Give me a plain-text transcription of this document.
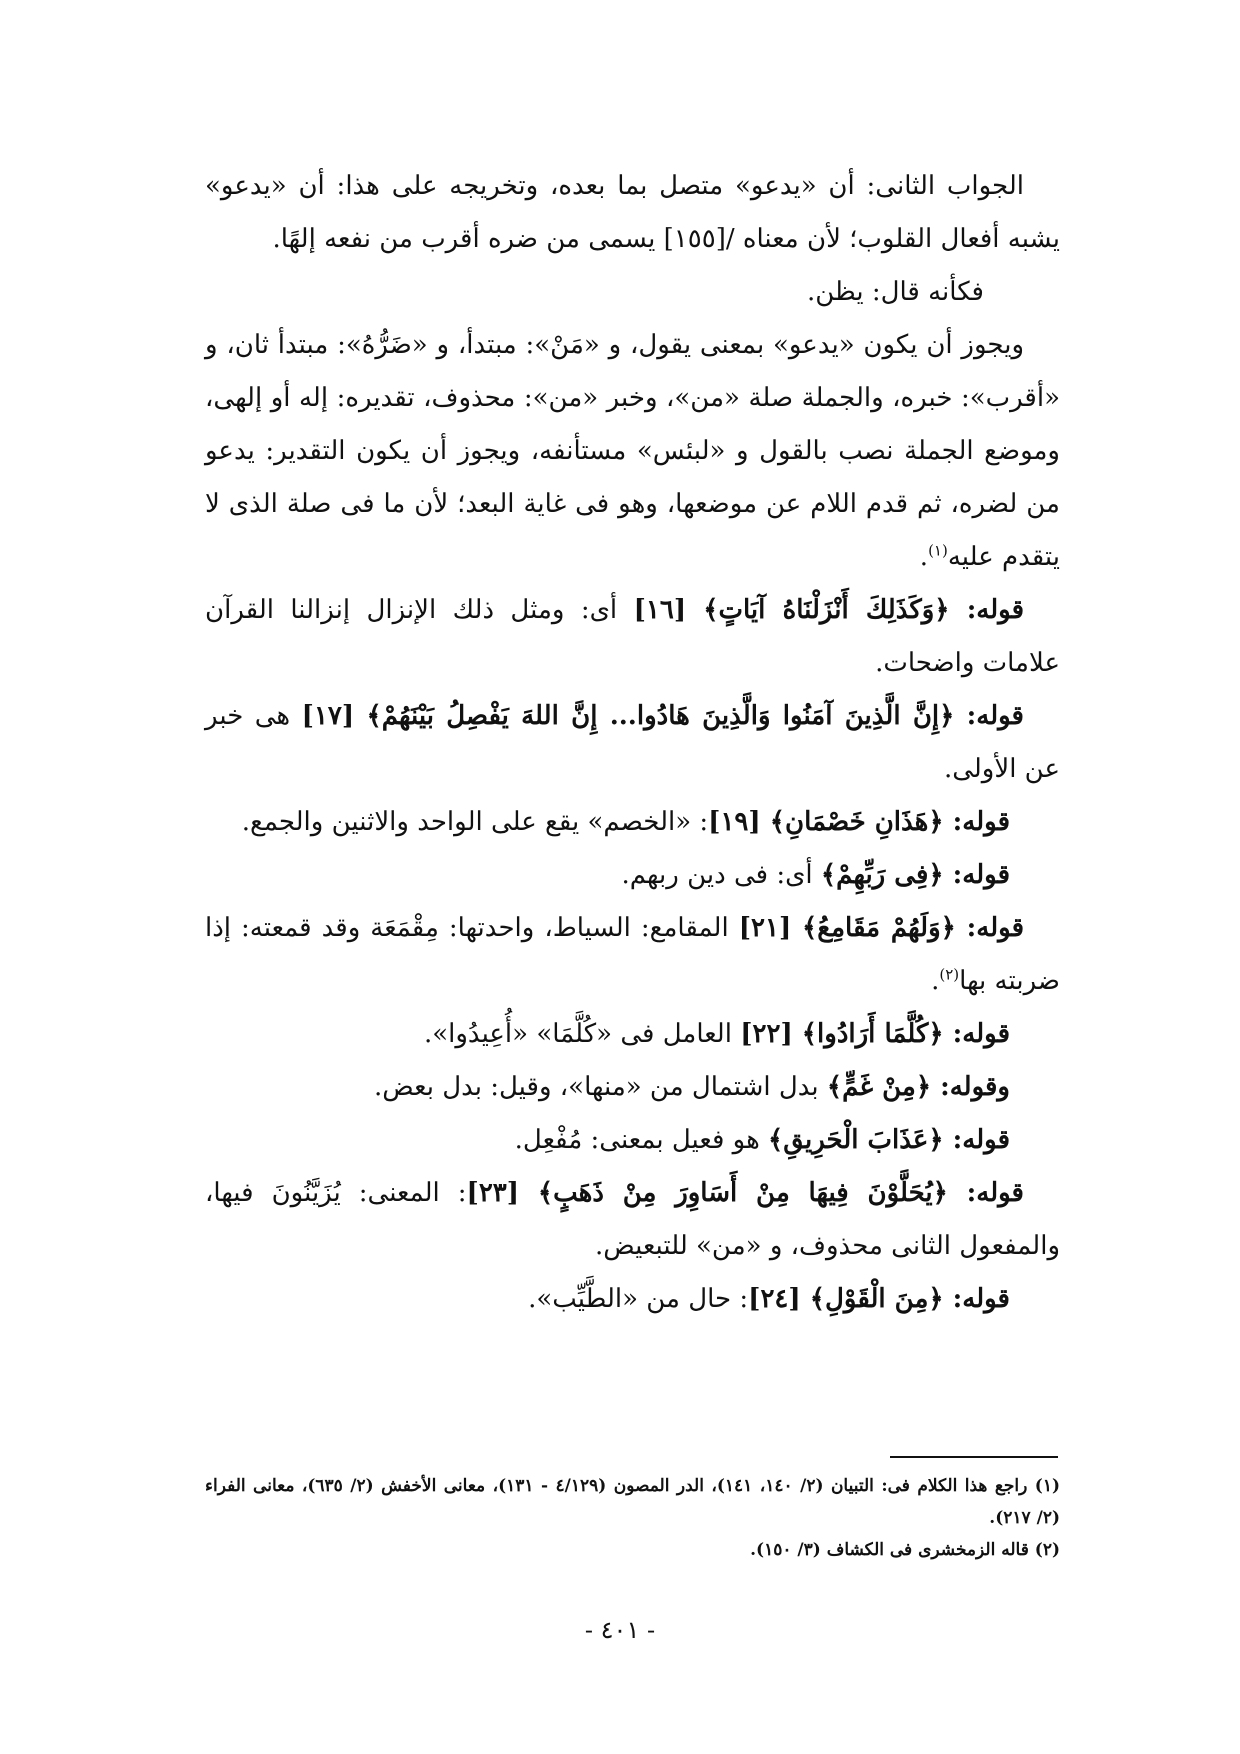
الجواب الثانى: أن «يدعو» متصل بما بعده، وتخريجه على هذا: أن «يدعو» يشبه أفعال القلوب؛ لأن معناه /[١٥٥] يسمى من ضره أقرب من نفعه إلهًا.

فكأنه قال: يظن.

ويجوز أن يكون «يدعو» بمعنى يقول، و «مَنْ»: مبتدأ، و «ضَرُّهُ»: مبتدأ ثان، و «أقرب»: خبره، والجملة صلة «من»، وخبر «من»: محذوف، تقديره: إله أو إلهى، وموضع الجملة نصب بالقول و «لبئس» مستأنفه، ويجوز أن يكون التقدير: يدعو من لضره، ثم قدم اللام عن موضعها، وهو فى غاية البعد؛ لأن ما فى صلة الذى لا يتقدم عليه$^{(١)}$.

قوله: ﴿وَكَذَلِكَ أَنْزَلْنَاهُ آيَاتٍ﴾ [١٦] أى: ومثل ذلك الإنزال إنزالنا القرآن علامات واضحات.

قوله: ﴿إِنَّ الَّذِينَ آمَنُوا وَالَّذِينَ هَادُوا... إِنَّ اللهَ يَفْصِلُ بَيْنَهُمْ﴾ [١٧] هى خبر عن الأولى.

قوله: ﴿هَذَانِ خَصْمَانِ﴾ [١٩]: «الخصم» يقع على الواحد والاثنين والجمع.

قوله: ﴿فِى رَبِّهِمْ﴾ أى: فى دين ربهم.

قوله: ﴿وَلَهُمْ مَقَامِعُ﴾ [٢١] المقامع: السياط، واحدتها: مِقْمَعَة وقد قمعته: إذا ضربته بها$^{(٢)}$.

قوله: ﴿كُلَّمَا أَرَادُوا﴾ [٢٢] العامل فى «كُلَّمَا» «أُعِيدُوا».

وقوله: ﴿مِنْ غَمٍّ﴾ بدل اشتمال من «منها»، وقيل: بدل بعض.

قوله: ﴿عَذَابَ الْحَرِيقِ﴾ هو فعيل بمعنى: مُفْعِل.

قوله: ﴿يُحَلَّوْنَ فِيهَا مِنْ أَسَاوِرَ مِنْ ذَهَبٍ﴾ [٢٣]: المعنى: يُزَيَّنُونَ فيها، والمفعول الثانى محذوف، و «من» للتبعيض.

قوله: ﴿مِنَ الْقَوْلِ﴾ [٢٤]: حال من «الطَّيِّب».

(١) راجع هذا الكلام فى: التبيان (٢/ ١٤٠، ١٤١)، الدر المصون (٤/١٢٩ - ١٣١)، معانى الأخفش (٢/ ٦٣٥)، معانى الفراء (٢/ ٢١٧).

(٢) قاله الزمخشرى فى الكشاف (٣/ ١٥٠).

- ٤٠١ -
